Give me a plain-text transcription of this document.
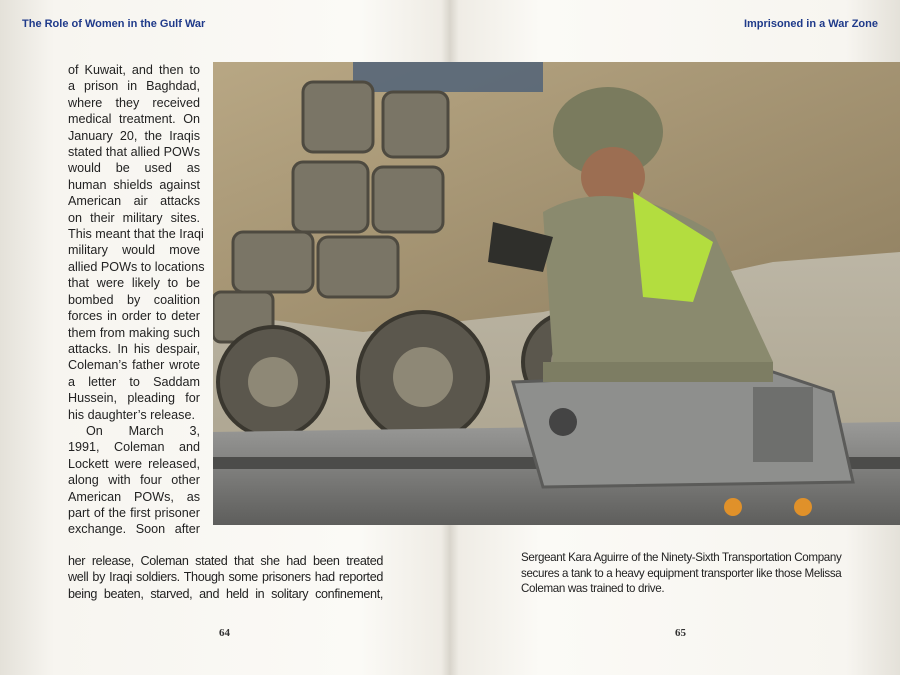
The Role of Women in the Gulf War	Imprisoned in a War Zone
of Kuwait, and then to
a prison in Baghdad,
where they received
medical treatment. On
January 20, the Iraqis
stated that allied POWs
would be used as
human shields against
American air attacks
on their military sites.
This meant that the Iraqi
military would move
allied POWs to locations
that were likely to be
bombed by coalition
forces in order to deter
them from making such
attacks. In his despair,
Coleman’s father wrote
a letter to Saddam
Hussein, pleading for
his daughter’s release.
On March 3,
1991, Coleman and
Lockett were released,
along with four other
American POWs, as
part of the first prisoner
exchange. Soon after
her release, Coleman stated that she had been treated
well by Iraqi soldiers. Though some prisoners had reported
being beaten, starved, and held in solitary confinement,
Sergeant Kara Aguirre of the Ninety-Sixth Transportation Company
secures a tank to a heavy equipment transporter like those Melissa
Coleman was trained to drive.
64	65
